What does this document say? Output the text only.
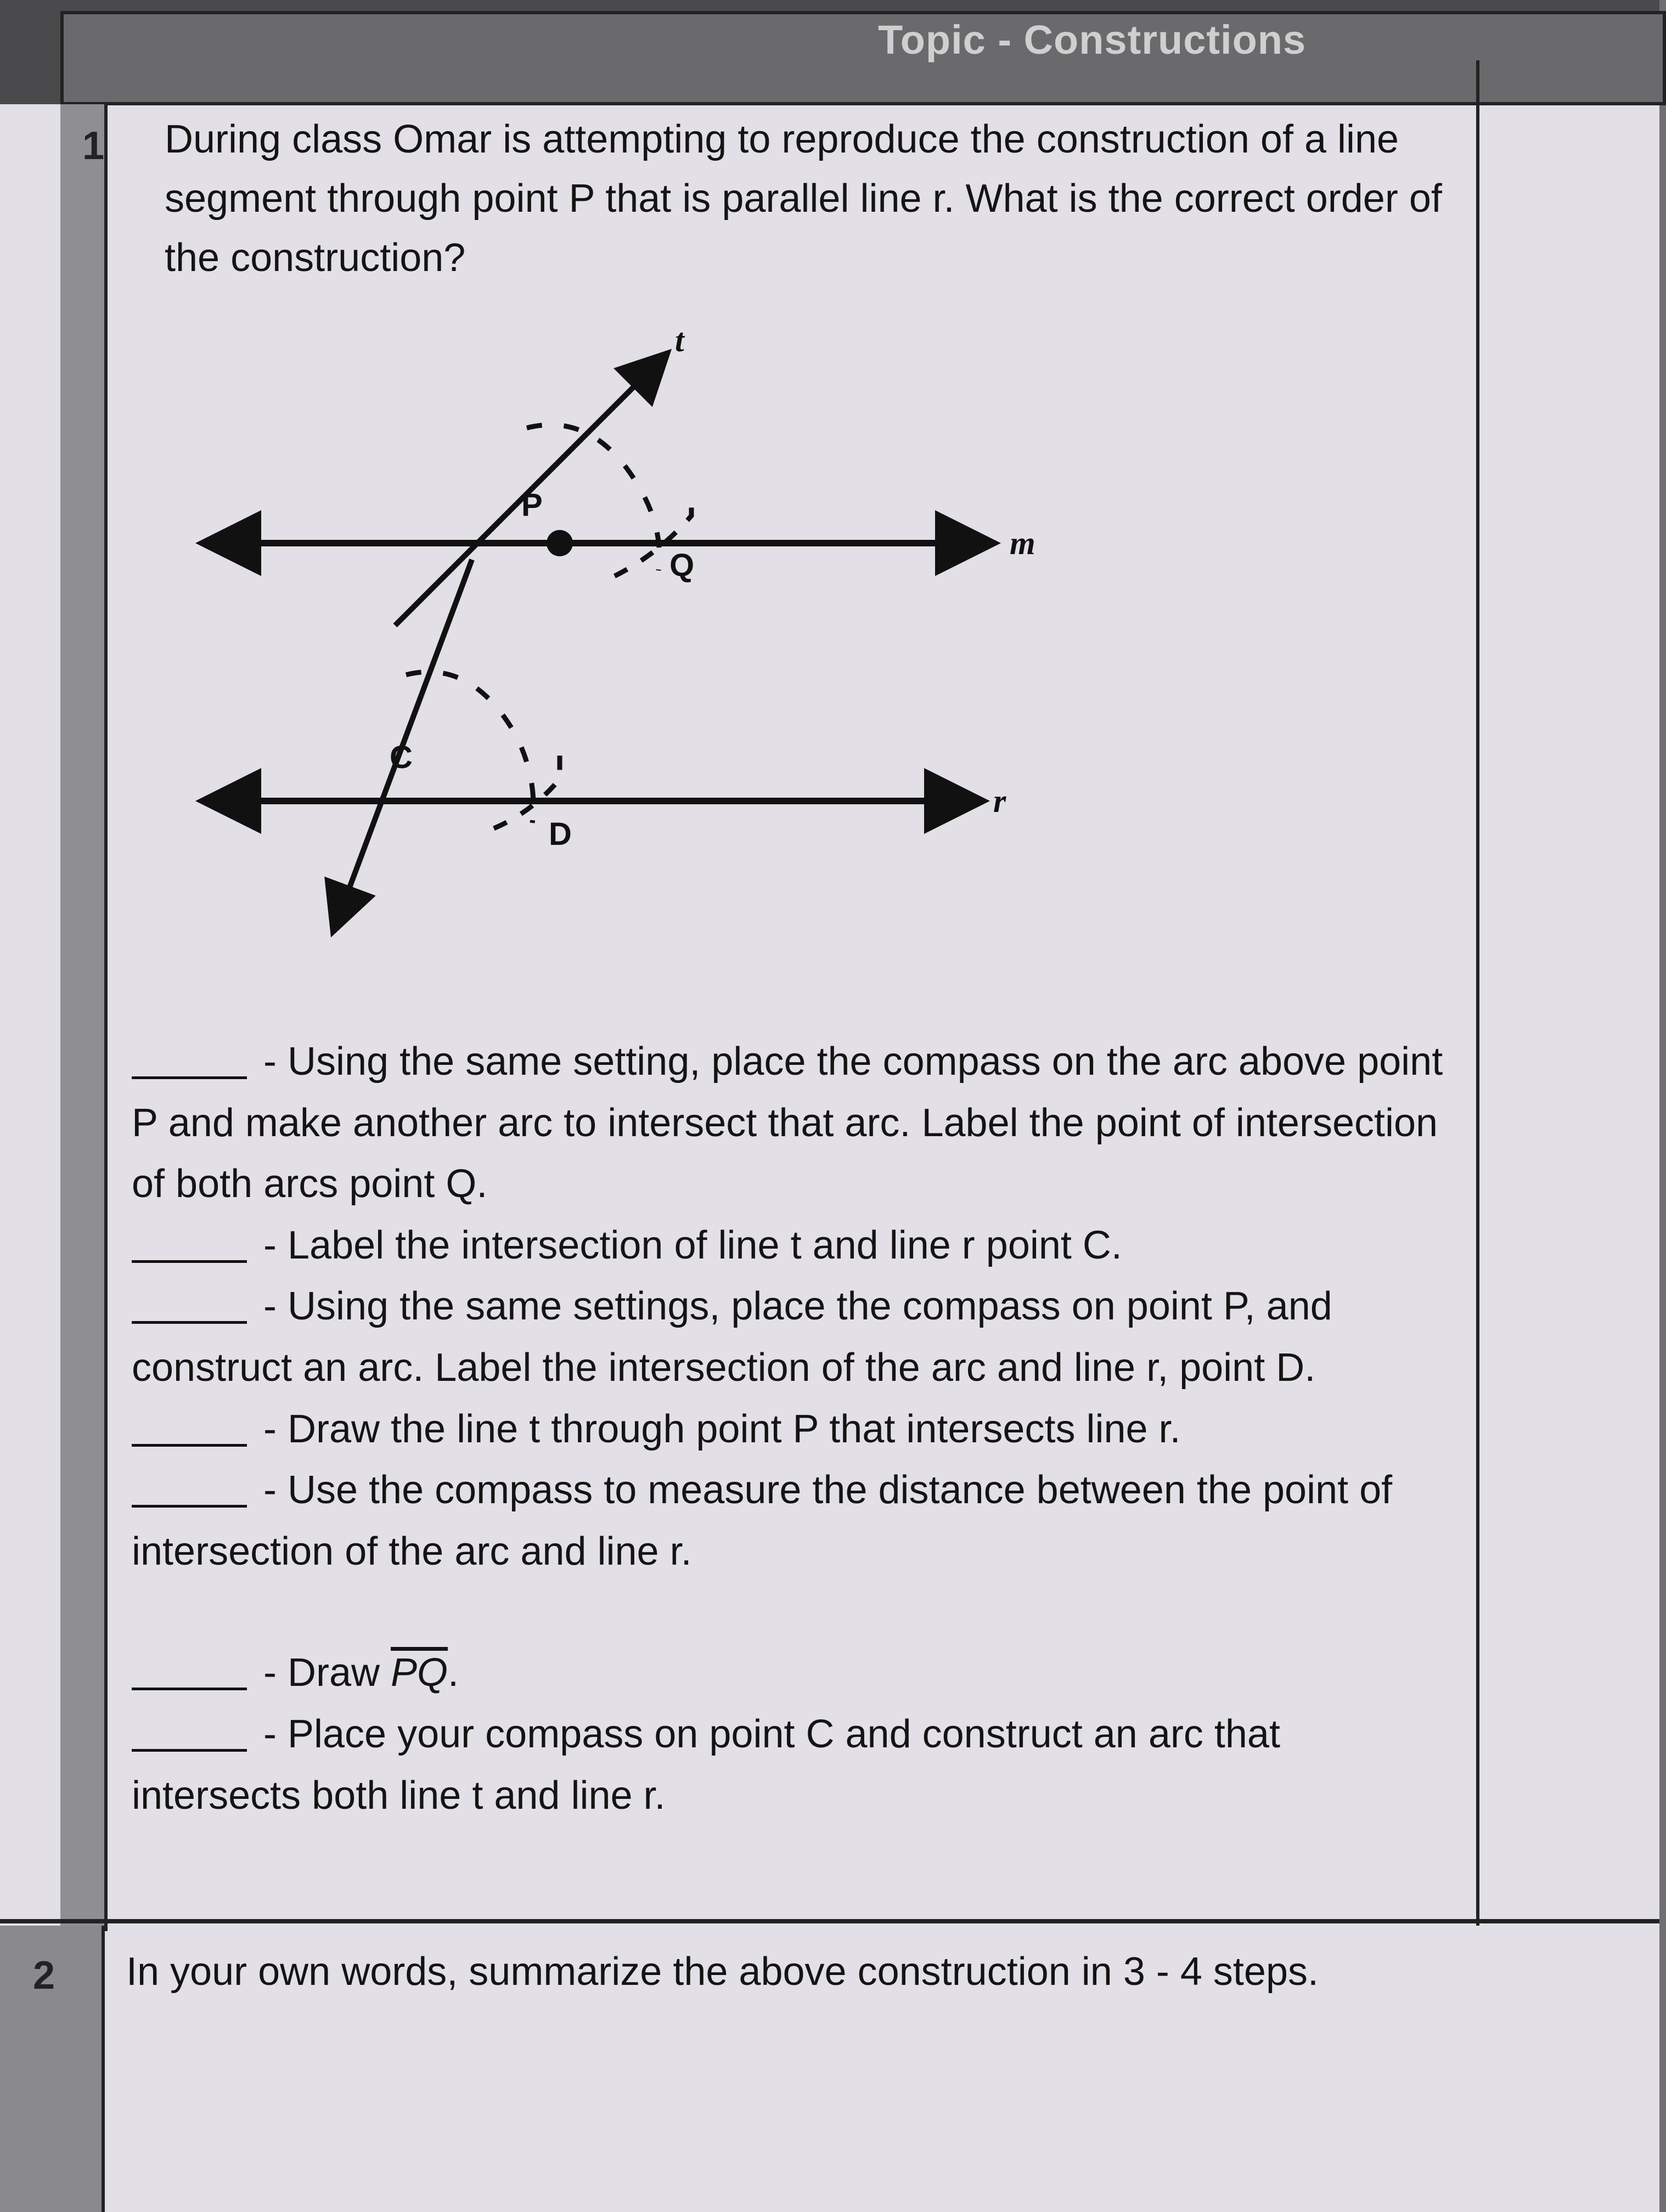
Topic - Constructions
1 During class Omar is attempting to reproduce the construction of a line segment through point P that is parallel line r. What is the correct order of the construction?
t
m
r
P
Q
C
D

- Using the same setting, place the compass on the arc above point P and make another arc to intersect that arc. Label the point of intersection of both arcs point Q.

- Label the intersection of line t and line r point C.

- Using the same settings, place the compass on point P, and construct an arc. Label the intersection of the arc and line r, point D.

- Draw the line t through point P that intersects line r.

- Use the compass to measure the distance between the point of intersection of the arc and line r.

- Draw $\overline{PQ}$.

- Place your compass on point C and construct an arc that intersects both line t and line r.

2 In your own words, summarize the above construction in 3 - 4 steps.
